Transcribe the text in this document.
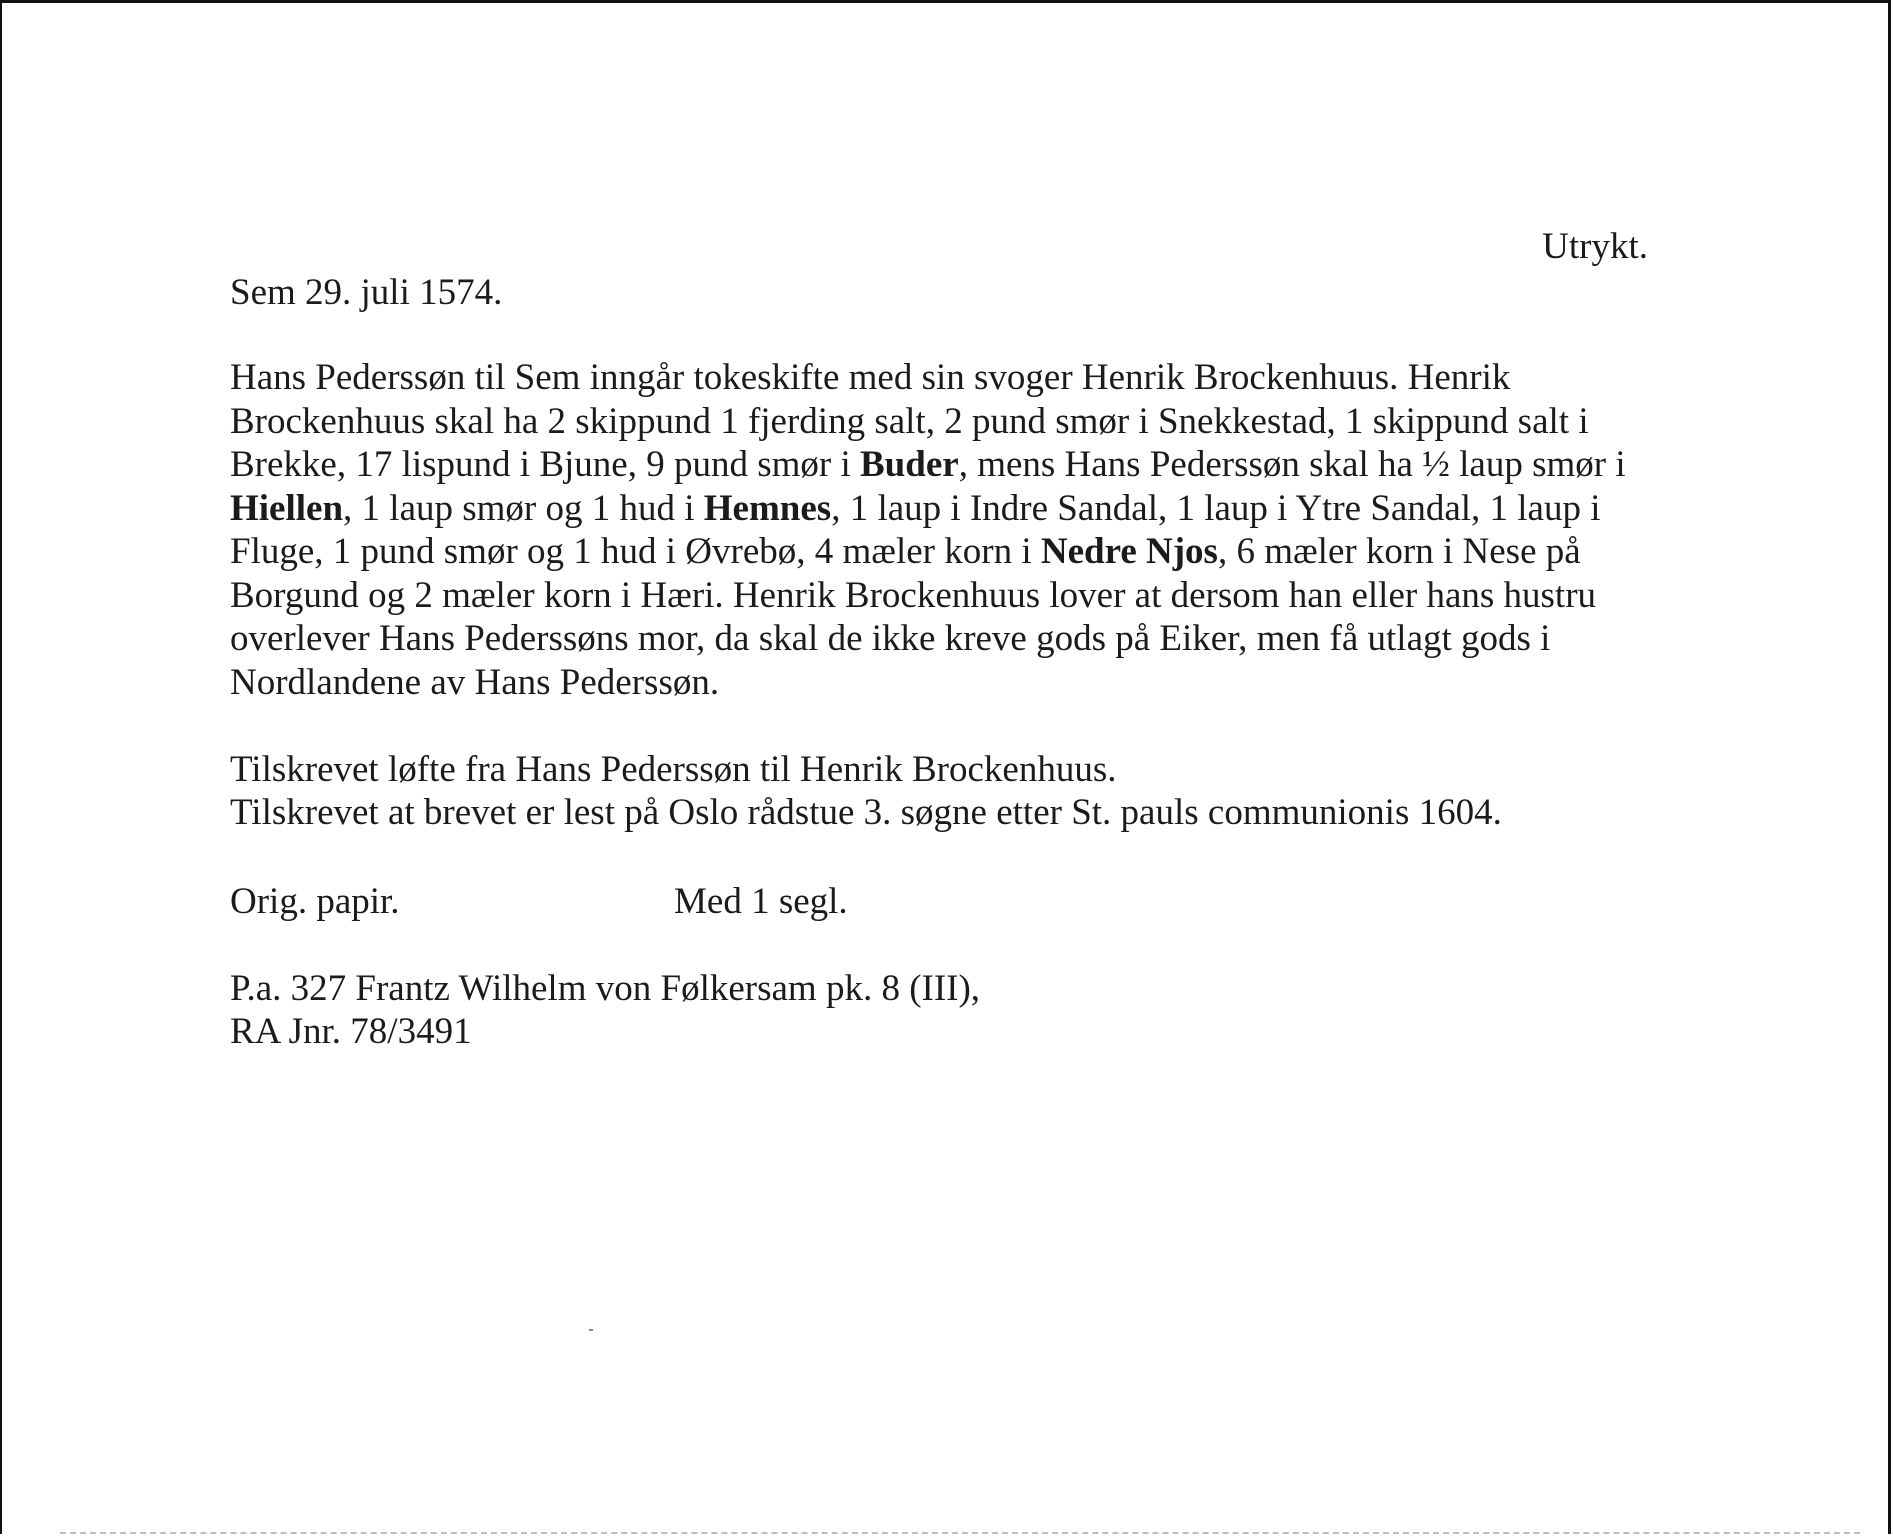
Utrykt.
Sem 29. juli 1574.
Hans Pederssøn til Sem inngår tokeskifte med sin svoger Henrik Brockenhuus. Henrik
Brockenhuus skal ha 2 skippund 1 fjerding salt, 2 pund smør i Snekkestad, 1 skippund salt i
Brekke, 17 lispund i Bjune, 9 pund smør i Buder, mens Hans Pederssøn skal ha ½ laup smør i
Hiellen, 1 laup smør og 1 hud i Hemnes, 1 laup i Indre Sandal, 1 laup i Ytre Sandal, 1 laup i
Fluge, 1 pund smør og 1 hud i Øvrebø, 4 mæler korn i Nedre Njos, 6 mæler korn i Nese på
Borgund og 2 mæler korn i Hæri. Henrik Brockenhuus lover at dersom han eller hans hustru
overlever Hans Pederssøns mor, da skal de ikke kreve gods på Eiker, men få utlagt gods i
Nordlandene av Hans Pederssøn.
Tilskrevet løfte fra Hans Pederssøn til Henrik Brockenhuus.
Tilskrevet at brevet er lest på Oslo rådstue 3. søgne etter St. pauls communionis 1604.
Orig. papir.	Med 1 segl.
P.a. 327 Frantz Wilhelm von Følkersam pk. 8 (III),
RA Jnr. 78/3491
